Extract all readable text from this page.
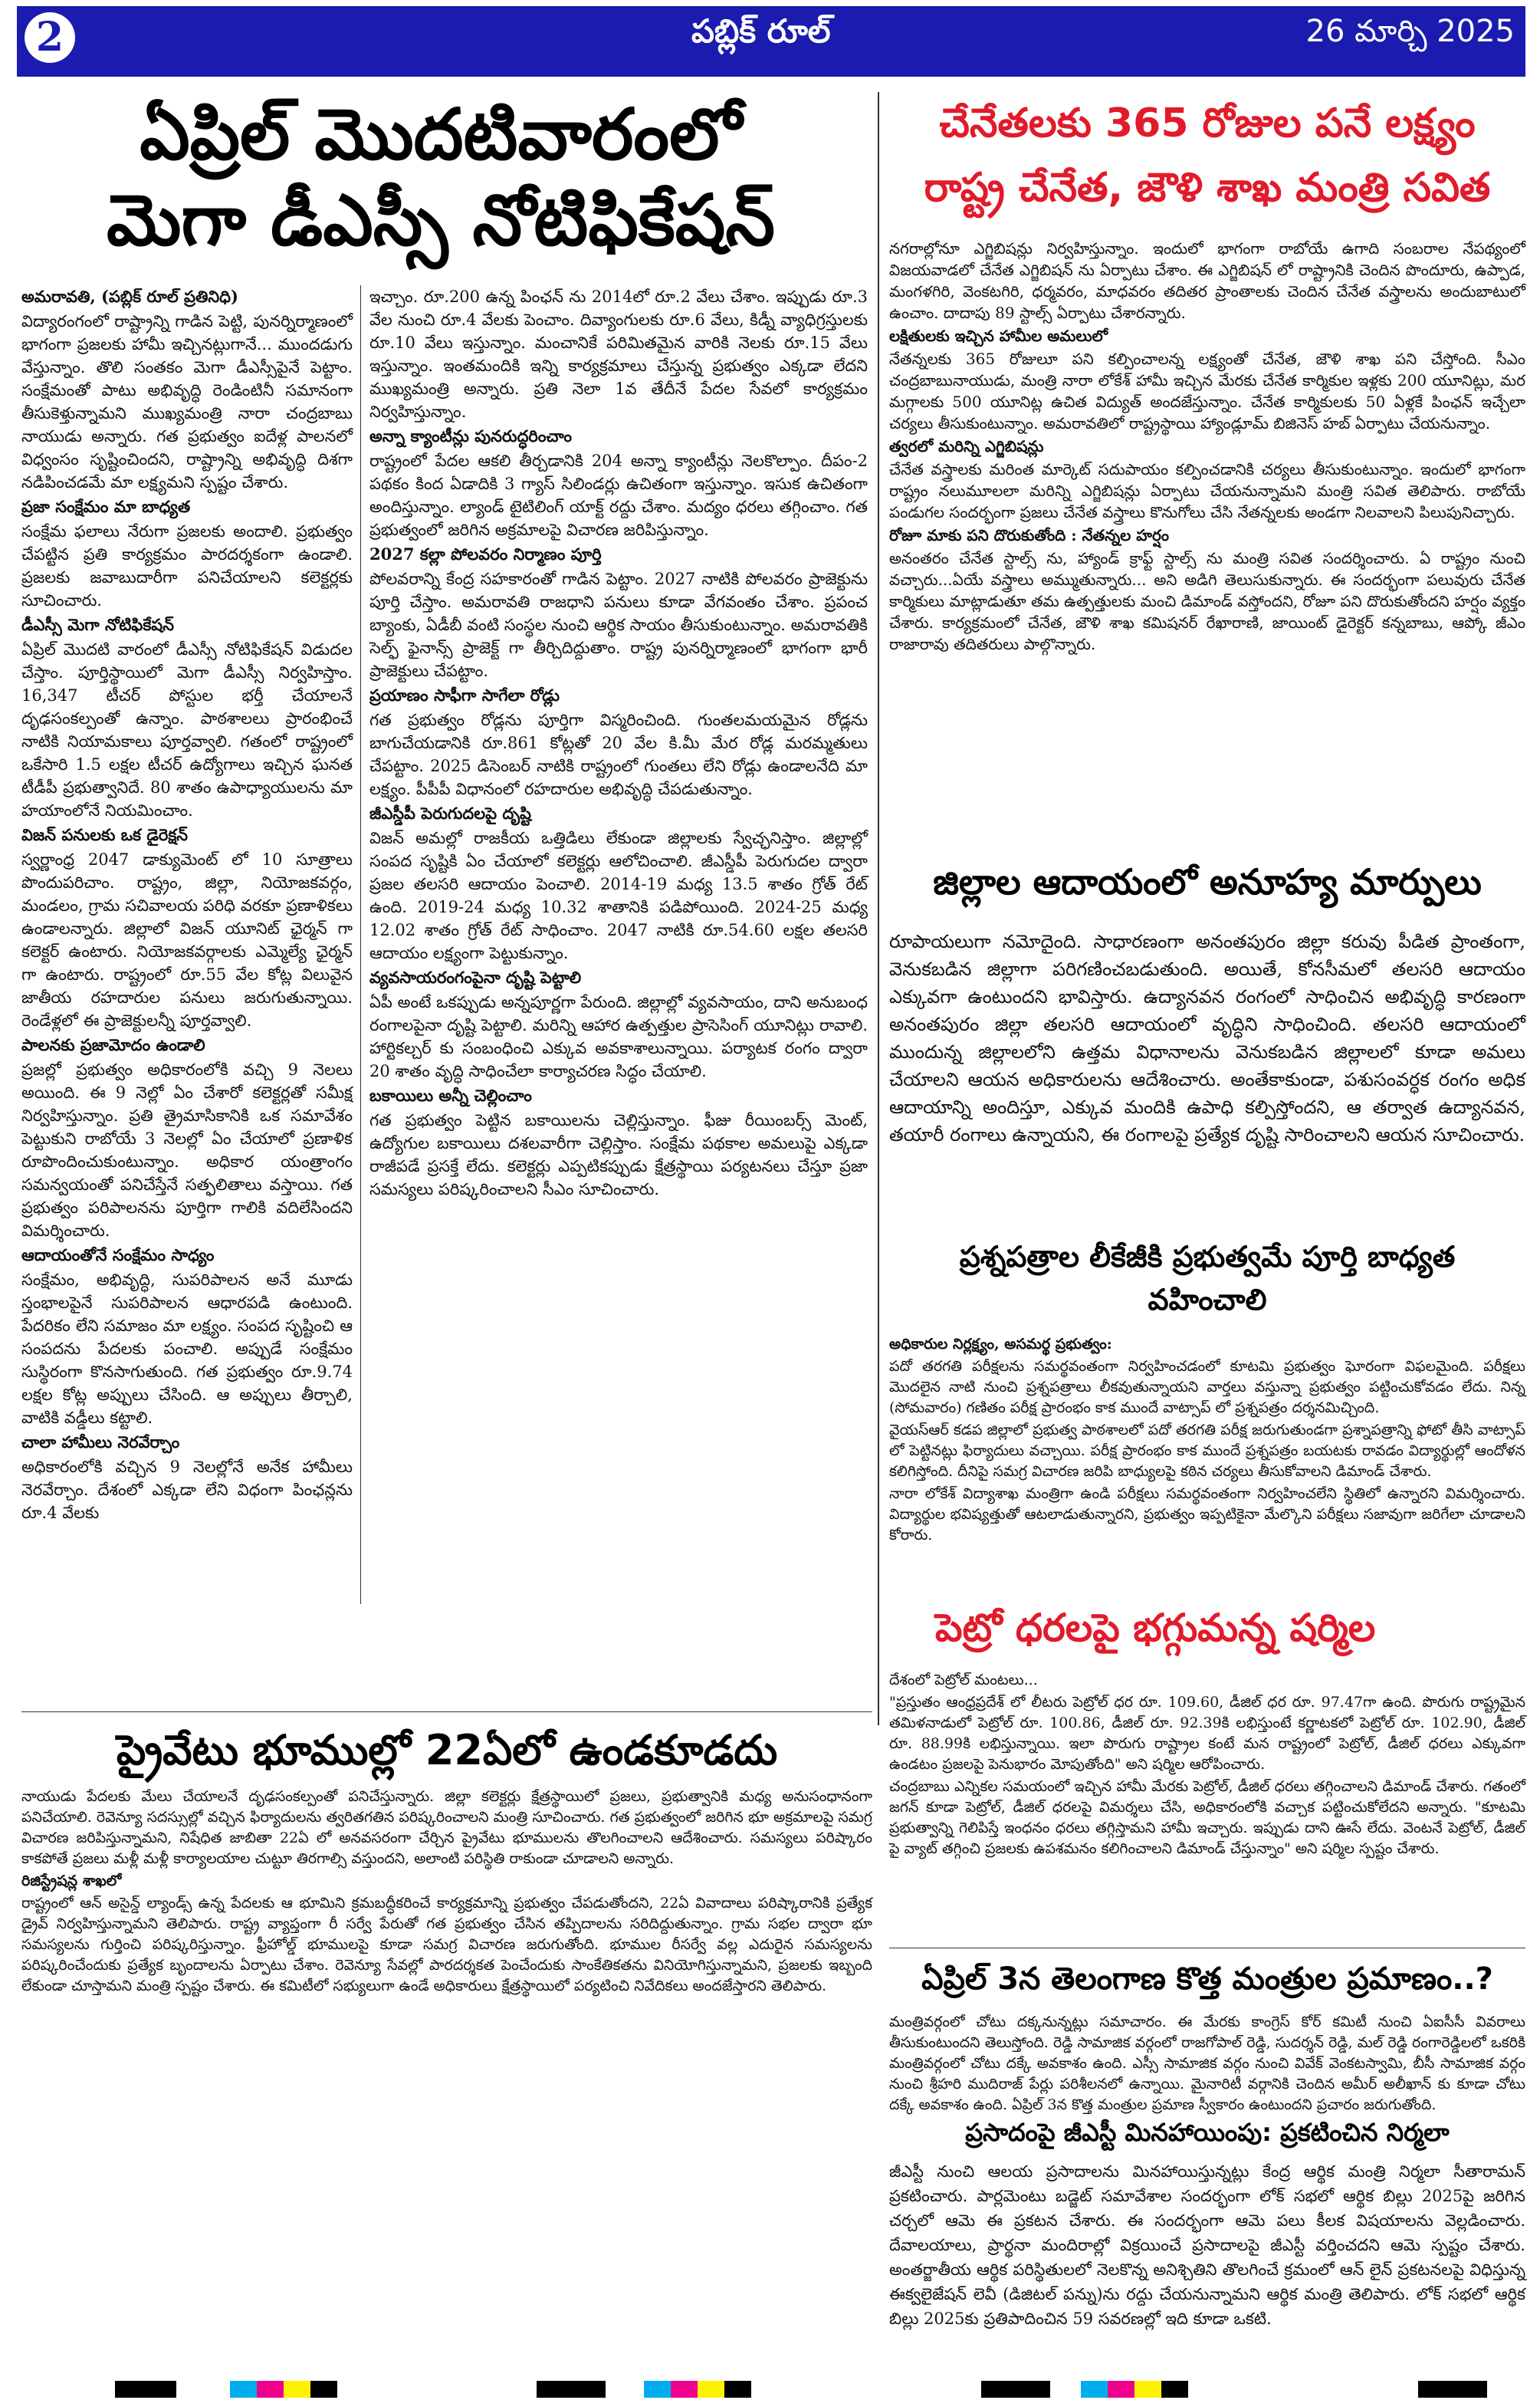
2	పబ్లిక్ రూల్	26 మార్చి 2025
ఏప్రిల్ మొదటివారంలో
మెగా డీఎస్సీ నోటిఫికేషన్

అమరావతి, (పబ్లిక్ రూల్ ప్రతినిధి)

విద్యారంగంలో రాష్ట్రాన్ని గాడిన పెట్టి, పునర్నిర్మాణంలో భాగంగా ప్రజలకు హామీ ఇచ్చినట్లుగానే... ముందడుగు వేస్తున్నాం. తొలి సంతకం మెగా డీఎస్సీపైనే పెట్టాం. సంక్షేమంతో పాటు అభివృద్ధి రెండింటినీ సమానంగా తీసుకెళ్తున్నామని ముఖ్యమంత్రి నారా చంద్రబాబు నాయుడు అన్నారు. గత ప్రభుత్వం ఐదేళ్ల పాలనలో విధ్వంసం సృష్టించిందని, రాష్ట్రాన్ని అభివృద్ధి దిశగా నడిపించడమే మా లక్ష్యమని స్పష్టం చేశారు.

ప్రజా సంక్షేమం మా బాధ్యత

సంక్షేమ ఫలాలు నేరుగా ప్రజలకు అందాలి. ప్రభుత్వం చేపట్టిన ప్రతి కార్యక్రమం పారదర్శకంగా ఉండాలి. ప్రజలకు జవాబుదారీగా పనిచేయాలని కలెక్టర్లకు సూచించారు.

డీఎస్సీ మెగా నోటిఫికేషన్

ఏప్రిల్ మొదటి వారంలో డీఎస్సీ నోటిఫికేషన్ విడుదల చేస్తాం. పూర్తిస్థాయిలో మెగా డీఎస్సీ నిర్వహిస్తాం. 16,347 టీచర్ పోస్టుల భర్తీ చేయాలనే దృఢసంకల్పంతో ఉన్నాం. పాఠశాలలు ప్రారంభించే నాటికి నియామకాలు పూర్తవ్వాలి. గతంలో రాష్ట్రంలో ఒకేసారి 1.5 లక్షల టీచర్ ఉద్యోగాలు ఇచ్చిన ఘనత టీడీపీ ప్రభుత్వానిదే. 80 శాతం ఉపాధ్యాయులను మా హయాంలోనే నియమించాం.

విజన్ పనులకు ఒక డైరెక్షన్

స్వర్ణాంధ్ర 2047 డాక్యుమెంట్ లో 10 సూత్రాలు పొందుపరిచాం. రాష్ట్రం, జిల్లా, నియోజకవర్గం, మండలం, గ్రామ సచివాలయ పరిధి వరకూ ప్రణాళికలు ఉండాలన్నారు. జిల్లాలో విజన్ యూనిట్ ఛైర్మన్ గా కలెక్టర్ ఉంటారు. నియోజకవర్గాలకు ఎమ్మెల్యే ఛైర్మన్ గా ఉంటారు. రాష్ట్రంలో రూ.55 వేల కోట్ల విలువైన జాతీయ రహదారుల పనులు జరుగుతున్నాయి. రెండేళ్లలో ఈ ప్రాజెక్టులన్నీ పూర్తవ్వాలి.

పాలనకు ప్రజామోదం ఉండాలి

ప్రజల్లో ప్రభుత్వం అధికారంలోకి వచ్చి 9 నెలలు అయింది. ఈ 9 నెల్లో ఏం చేశారో కలెక్టర్లతో సమీక్ష నిర్వహిస్తున్నాం. ప్రతి త్రైమాసికానికి ఒక సమావేశం పెట్టుకుని రాబోయే 3 నెలల్లో ఏం చేయాలో ప్రణాళిక రూపొందించుకుంటున్నాం. అధికార యంత్రాంగం సమన్వయంతో పనిచేస్తేనే సత్ఫలితాలు వస్తాయి. గత ప్రభుత్వం పరిపాలనను పూర్తిగా గాలికి వదిలేసిందని విమర్శించారు.

ఆదాయంతోనే సంక్షేమం సాధ్యం

సంక్షేమం, అభివృద్ధి, సుపరిపాలన అనే మూడు స్తంభాలపైనే సుపరిపాలన ఆధారపడి ఉంటుంది. పేదరికం లేని సమాజం మా లక్ష్యం. సంపద సృష్టించి ఆ సంపదను పేదలకు పంచాలి. అప్పుడే సంక్షేమం సుస్థిరంగా కొనసాగుతుంది. గత ప్రభుత్వం రూ.9.74 లక్షల కోట్ల అప్పులు చేసింది. ఆ అప్పులు తీర్చాలి, వాటికి వడ్డీలు కట్టాలి.

చాలా హామీలు నెరవేర్చాం

అధికారంలోకి వచ్చిన 9 నెలల్లోనే అనేక హామీలు నెరవేర్చాం. దేశంలో ఎక్కడా లేని విధంగా పింఛన్లను రూ.4 వేలకు

ఇచ్చాం. రూ.200 ఉన్న పింఛన్ ను 2014లో రూ.2 వేలు చేశాం. ఇప్పుడు రూ.3 వేల నుంచి రూ.4 వేలకు పెంచాం. దివ్యాంగులకు రూ.6 వేలు, కిడ్నీ వ్యాధిగ్రస్తులకు రూ.10 వేలు ఇస్తున్నాం. మంచానికే పరిమితమైన వారికి నెలకు రూ.15 వేలు ఇస్తున్నాం. ఇంతమందికి ఇన్ని కార్యక్రమాలు చేస్తున్న ప్రభుత్వం ఎక్కడా లేదని ముఖ్యమంత్రి అన్నారు. ప్రతి నెలా 1వ తేదీనే పేదల సేవలో కార్యక్రమం నిర్వహిస్తున్నాం.

అన్నా క్యాంటీన్లు పునరుద్ధరించాం

రాష్ట్రంలో పేదల ఆకలి తీర్చడానికి 204 అన్నా క్యాంటీన్లు నెలకొల్పాం. దీపం-2 పథకం కింద ఏడాదికి 3 గ్యాస్ సిలిండర్లు ఉచితంగా ఇస్తున్నాం. ఇసుక ఉచితంగా అందిస్తున్నాం. ల్యాండ్ టైటిలింగ్ యాక్ట్ రద్దు చేశాం. మద్యం ధరలు తగ్గించాం. గత ప్రభుత్వంలో జరిగిన అక్రమాలపై విచారణ జరిపిస్తున్నాం.

2027 కల్లా పోలవరం నిర్మాణం పూర్తి

పోలవరాన్ని కేంద్ర సహకారంతో గాడిన పెట్టాం. 2027 నాటికి పోలవరం ప్రాజెక్టును పూర్తి చేస్తాం. అమరావతి రాజధాని పనులు కూడా వేగవంతం చేశాం. ప్రపంచ బ్యాంకు, ఏడీబీ వంటి సంస్థల నుంచి ఆర్థిక సాయం తీసుకుంటున్నాం. అమరావతికి సెల్ఫ్ ఫైనాన్స్ ప్రాజెక్ట్ గా తీర్చిదిద్దుతాం. రాష్ట్ర పునర్నిర్మాణంలో భాగంగా భారీ ప్రాజెక్టులు చేపట్టాం.

ప్రయాణం సాఫీగా సాగేలా రోడ్లు

గత ప్రభుత్వం రోడ్లను పూర్తిగా విస్మరించింది. గుంతలమయమైన రోడ్లను బాగుచేయడానికి రూ.861 కోట్లతో 20 వేల కి.మీ మేర రోడ్ల మరమ్మతులు చేపట్టాం. 2025 డిసెంబర్ నాటికి రాష్ట్రంలో గుంతలు లేని రోడ్లు ఉండాలనేది మా లక్ష్యం. పీపీపీ విధానంలో రహదారుల అభివృద్ధి చేపడుతున్నాం.

జీఎస్డీపీ పెరుగుదలపై దృష్టి

విజన్ అమల్లో రాజకీయ ఒత్తిడిలు లేకుండా జిల్లాలకు స్వేచ్ఛనిస్తాం. జిల్లాల్లో సంపద సృష్టికి ఏం చేయాలో కలెక్టర్లు ఆలోచించాలి. జీఎస్డీపీ పెరుగుదల ద్వారా ప్రజల తలసరి ఆదాయం పెంచాలి. 2014-19 మధ్య 13.5 శాతం గ్రోత్ రేట్ ఉంది. 2019-24 మధ్య 10.32 శాతానికి పడిపోయింది. 2024-25 మధ్య 12.02 శాతం గ్రోత్ రేట్ సాధించాం. 2047 నాటికి రూ.54.60 లక్షల తలసరి ఆదాయం లక్ష్యంగా పెట్టుకున్నాం.

వ్యవసాయరంగంపైనా దృష్టి పెట్టాలి

ఏపీ అంటే ఒకప్పుడు అన్నపూర్ణగా పేరుంది. జిల్లాల్లో వ్యవసాయం, దాని అనుబంధ రంగాలపైనా దృష్టి పెట్టాలి. మరిన్ని ఆహార ఉత్పత్తుల ప్రాసెసింగ్ యూనిట్లు రావాలి. హార్టికల్చర్ కు సంబంధించి ఎక్కువ అవకాశాలున్నాయి. పర్యాటక రంగం ద్వారా 20 శాతం వృద్ధి సాధించేలా కార్యాచరణ సిద్ధం చేయాలి.

బకాయిలు అన్నీ చెల్లించాం

గత ప్రభుత్వం పెట్టిన బకాయిలను చెల్లిస్తున్నాం. ఫీజు రీయింబర్స్ మెంట్, ఉద్యోగుల బకాయిలు దశలవారీగా చెల్లిస్తాం. సంక్షేమ పథకాల అమలుపై ఎక్కడా రాజీపడే ప్రసక్తే లేదు. కలెక్టర్లు ఎప్పటికప్పుడు క్షేత్రస్థాయి పర్యటనలు చేస్తూ ప్రజా సమస్యలు పరిష్కరించాలని సీఎం సూచించారు.

చేనేతలకు 365 రోజుల పనే లక్ష్యం
రాష్ట్ర చేనేత, జౌళి శాఖ మంత్రి సవిత

నగరాల్లోనూ ఎగ్జిబిషన్లు నిర్వహిస్తున్నాం. ఇందులో భాగంగా రాబోయే ఉగాది సంబరాల నేపథ్యంలో విజయవాడలో చేనేత ఎగ్జిబిషన్ ను ఏర్పాటు చేశాం. ఈ ఎగ్జిబిషన్ లో రాష్ట్రానికి చెందిన పొందూరు, ఉప్పాడ, మంగళగిరి, వెంకటగిరి, ధర్మవరం, మాధవరం తదితర ప్రాంతాలకు చెందిన చేనేత వస్త్రాలను అందుబాటులో ఉంచాం. దాదాపు 89 స్టాల్స్ ఏర్పాటు చేశారన్నారు.

లక్షితులకు ఇచ్చిన హామీల అమలులో

నేతన్నలకు 365 రోజులూ పని కల్పించాలన్న లక్ష్యంతో చేనేత, జౌళి శాఖ పని చేస్తోంది. సీఎం చంద్రబాబునాయుడు, మంత్రి నారా లోకేశ్ హామీ ఇచ్చిన మేరకు చేనేత కార్మికుల ఇళ్లకు 200 యూనిట్లు, మర మగ్గాలకు 500 యూనిట్ల ఉచిత విద్యుత్ అందజేస్తున్నాం. చేనేత కార్మికులకు 50 ఏళ్లకే పింఛన్ ఇచ్చేలా చర్యలు తీసుకుంటున్నాం. అమరావతిలో రాష్ట్రస్థాయి హ్యాండ్లూమ్ బిజినెస్ హబ్ ఏర్పాటు చేయనున్నాం.

త్వరలో మరిన్ని ఎగ్జిబిషన్లు

చేనేత వస్త్రాలకు మరింత మార్కెట్ సదుపాయం కల్పించడానికి చర్యలు తీసుకుంటున్నాం. ఇందులో భాగంగా రాష్ట్రం నలుమూలలా మరిన్ని ఎగ్జిబిషన్లు ఏర్పాటు చేయనున్నామని మంత్రి సవిత తెలిపారు. రాబోయే పండుగల సందర్భంగా ప్రజలు చేనేత వస్త్రాలు కొనుగోలు చేసి నేతన్నలకు అండగా నిలవాలని పిలుపునిచ్చారు.

రోజూ మాకు పని దొరుకుతోంది : నేతన్నల హర్షం

అనంతరం చేనేత స్టాల్స్ ను, హ్యాండ్ క్రాఫ్ట్ స్టాల్స్ ను మంత్రి సవిత సందర్శించారు. ఏ రాష్ట్రం నుంచి వచ్చారు...ఏయే వస్త్రాలు అమ్ముతున్నారు... అని అడిగి తెలుసుకున్నారు. ఈ సందర్భంగా పలువురు చేనేత కార్మికులు మాట్లాడుతూ తమ ఉత్పత్తులకు మంచి డిమాండ్ వస్తోందని, రోజూ పని దొరుకుతోందని హర్షం వ్యక్తం చేశారు. కార్యక్రమంలో చేనేత, జౌళి శాఖ కమిషనర్ రేఖారాణి, జాయింట్ డైరెక్టర్ కన్నబాబు, ఆప్కో జీఎం రాజారావు తదితరులు పాల్గొన్నారు.

జిల్లాల ఆదాయంలో అనూహ్య మార్పులు
రూపాయలుగా నమోదైంది. సాధారణంగా అనంతపురం జిల్లా కరువు పీడిత ప్రాంతంగా, వెనుకబడిన జిల్లాగా పరిగణించబడుతుంది. అయితే, కోనసీమలో తలసరి ఆదాయం ఎక్కువగా ఉంటుందని భావిస్తారు. ఉద్యానవన రంగంలో సాధించిన అభివృద్ధి కారణంగా అనంతపురం జిల్లా తలసరి ఆదాయంలో వృద్ధిని సాధించింది. తలసరి ఆదాయంలో ముందున్న జిల్లాలలోని ఉత్తమ విధానాలను వెనుకబడిన జిల్లాలలో కూడా అమలు చేయాలని ఆయన అధికారులను ఆదేశించారు. అంతేకాకుండా, పశుసంవర్ధక రంగం అధిక ఆదాయాన్ని అందిస్తూ, ఎక్కువ మందికి ఉపాధి కల్పిస్తోందని, ఆ తర్వాత ఉద్యానవన, తయారీ రంగాలు ఉన్నాయని, ఈ రంగాలపై ప్రత్యేక దృష్టి సారించాలని ఆయన సూచించారు.
ప్రశ్నపత్రాల లీకేజీకి ప్రభుత్వమే పూర్తి బాధ్యత
వహించాలి

అధికారుల నిర్లక్ష్యం, అసమర్థ ప్రభుత్వం:

పదో తరగతి పరీక్షలను సమర్థవంతంగా నిర్వహించడంలో కూటమి ప్రభుత్వం ఘోరంగా విఫలమైంది. పరీక్షలు మొదలైన నాటి నుంచి ప్రశ్నపత్రాలు లీకవుతున్నాయని వార్తలు వస్తున్నా ప్రభుత్వం పట్టించుకోవడం లేదు. నిన్న (సోమవారం) గణితం పరీక్ష ప్రారంభం కాక ముందే వాట్సాప్ లో ప్రశ్నపత్రం దర్శనమిచ్చింది.

వైయస్ఆర్ కడప జిల్లాలో ప్రభుత్వ పాఠశాలలో పదో తరగతి పరీక్ష జరుగుతుండగా ప్రశ్నాపత్రాన్ని ఫోటో తీసి వాట్సాప్ లో పెట్టినట్లు ఫిర్యాదులు వచ్చాయి. పరీక్ష ప్రారంభం కాక ముందే ప్రశ్నపత్రం బయటకు రావడం విద్యార్థుల్లో ఆందోళన కలిగిస్తోంది. దీనిపై సమగ్ర విచారణ జరిపి బాధ్యులపై కఠిన చర్యలు తీసుకోవాలని డిమాండ్ చేశారు.

నారా లోకేశ్ విద్యాశాఖ మంత్రిగా ఉండి పరీక్షలు సమర్థవంతంగా నిర్వహించలేని స్థితిలో ఉన్నారని విమర్శించారు. విద్యార్థుల భవిష్యత్తుతో ఆటలాడుతున్నారని, ప్రభుత్వం ఇప్పటికైనా మేల్కొని పరీక్షలు సజావుగా జరిగేలా చూడాలని కోరారు.

పెట్రో ధరలపై భగ్గుమన్న షర్మిల

దేశంలో పెట్రోల్ మంటలు...

"ప్రస్తుతం ఆంధ్రప్రదేశ్ లో లీటరు పెట్రోల్ ధర రూ. 109.60, డీజిల్ ధర రూ. 97.47గా ఉంది. పొరుగు రాష్ట్రమైన తమిళనాడులో పెట్రోల్ రూ. 100.86, డీజిల్ రూ. 92.39కి లభిస్తుంటే కర్ణాటకలో పెట్రోల్ రూ. 102.90, డీజిల్ రూ. 88.99కి లభిస్తున్నాయి. ఇలా పొరుగు రాష్ట్రాల కంటే మన రాష్ట్రంలో పెట్రోల్, డీజిల్ ధరలు ఎక్కువగా ఉండటం ప్రజలపై పెనుభారం మోపుతోంది" అని షర్మిల ఆరోపించారు.

చంద్రబాబు ఎన్నికల సమయంలో ఇచ్చిన హామీ మేరకు పెట్రోల్, డీజిల్ ధరలు తగ్గించాలని డిమాండ్ చేశారు. గతంలో జగన్ కూడా పెట్రోల్, డీజిల్ ధరలపై విమర్శలు చేసి, అధికారంలోకి వచ్చాక పట్టించుకోలేదని అన్నారు. "కూటమి ప్రభుత్వాన్ని గెలిపిస్తే ఇంధనం ధరలు తగ్గిస్తామని హామీ ఇచ్చారు. ఇప్పుడు దాని ఊసే లేదు. వెంటనే పెట్రోల్, డీజిల్ పై వ్యాట్ తగ్గించి ప్రజలకు ఉపశమనం కలిగించాలని డిమాండ్ చేస్తున్నాం" అని షర్మిల స్పష్టం చేశారు.

ప్రైవేటు భూముల్లో 22ఏలో ఉండకూడదు

నాయుడు పేదలకు మేలు చేయాలనే దృఢసంకల్పంతో పనిచేస్తున్నారు. జిల్లా కలెక్టర్లు క్షేత్రస్థాయిలో ప్రజలు, ప్రభుత్వానికి మధ్య అనుసంధానంగా పనిచేయాలి. రెవెన్యూ సదస్సుల్లో వచ్చిన ఫిర్యాదులను త్వరితగతిన పరిష్కరించాలని మంత్రి సూచించారు. గత ప్రభుత్వంలో జరిగిన భూ అక్రమాలపై సమగ్ర విచారణ జరిపిస్తున్నామని, నిషేధిత జాబితా 22ఏ లో అనవసరంగా చేర్చిన ప్రైవేటు భూములను తొలగించాలని ఆదేశించారు. సమస్యలు పరిష్కారం కాకపోతే ప్రజలు మళ్లీ మళ్లీ కార్యాలయాల చుట్టూ తిరగాల్సి వస్తుందని, అలాంటి పరిస్థితి రాకుండా చూడాలని అన్నారు.

రిజిస్ట్రేషన్ల శాఖలో

రాష్ట్రంలో ఆన్ అసైన్డ్ ల్యాండ్స్ ఉన్న పేదలకు ఆ భూమిని క్రమబద్ధీకరించే కార్యక్రమాన్ని ప్రభుత్వం చేపడుతోందని, 22ఏ వివాదాలు పరిష్కారానికి ప్రత్యేక డ్రైవ్ నిర్వహిస్తున్నామని తెలిపారు. రాష్ట్ర వ్యాప్తంగా రీ సర్వే పేరుతో గత ప్రభుత్వం చేసిన తప్పిదాలను సరిదిద్దుతున్నాం. గ్రామ సభల ద్వారా భూ సమస్యలను గుర్తించి పరిష్కరిస్తున్నాం. ఫ్రీహోల్డ్ భూములపై కూడా సమగ్ర విచారణ జరుగుతోంది. భూముల రీసర్వే వల్ల ఎదురైన సమస్యలను పరిష్కరించేందుకు ప్రత్యేక బృందాలను ఏర్పాటు చేశాం. రెవెన్యూ సేవల్లో పారదర్శకత పెంచేందుకు సాంకేతికతను వినియోగిస్తున్నామని, ప్రజలకు ఇబ్బంది లేకుండా చూస్తామని మంత్రి స్పష్టం చేశారు. ఈ కమిటీలో సభ్యులుగా ఉండే అధికారులు క్షేత్రస్థాయిలో పర్యటించి నివేదికలు అందజేస్తారని తెలిపారు.	ఏప్రిల్ 3న తెలంగాణ కొత్త మంత్రుల ప్రమాణం..?
మంత్రివర్గంలో చోటు దక్కనున్నట్లు సమాచారం. ఈ మేరకు కాంగ్రెస్ కోర్ కమిటీ నుంచి ఏఐసీసీ వివరాలు తీసుకుంటుందని తెలుస్తోంది. రెడ్డి సామాజిక వర్గంలో రాజగోపాల్ రెడ్డి, సుదర్శన్ రెడ్డి, మల్ రెడ్డి రంగారెడ్డిలలో ఒకరికి మంత్రివర్గంలో చోటు దక్కే అవకాశం ఉంది. ఎస్సీ సామాజిక వర్గం నుంచి వివేక్ వెంకటస్వామి, బీసీ సామాజిక వర్గం నుంచి శ్రీహరి ముదిరాజ్ పేర్లు పరిశీలనలో ఉన్నాయి. మైనారిటీ వర్గానికి చెందిన అమీర్ అలీఖాన్ కు కూడా చోటు దక్కే అవకాశం ఉంది. ఏప్రిల్ 3న కొత్త మంత్రుల ప్రమాణ స్వీకారం ఉంటుందని ప్రచారం జరుగుతోంది.
ప్రసాదంపై జీఎస్టీ మినహాయింపు: ప్రకటించిన నిర్మలా
జీఎస్టీ నుంచి ఆలయ ప్రసాదాలను మినహాయిస్తున్నట్లు కేంద్ర ఆర్థిక మంత్రి నిర్మలా సీతారామన్ ప్రకటించారు. పార్లమెంటు బడ్జెట్ సమావేశాల సందర్భంగా లోక్ సభలో ఆర్థిక బిల్లు 2025పై జరిగిన చర్చలో ఆమె ఈ ప్రకటన చేశారు. ఈ సందర్భంగా ఆమె పలు కీలక విషయాలను వెల్లడించారు. దేవాలయాలు, ప్రార్థనా మందిరాల్లో విక్రయించే ప్రసాదాలపై జీఎస్టీ వర్తించదని ఆమె స్పష్టం చేశారు. అంతర్జాతీయ ఆర్థిక పరిస్థితులలో నెలకొన్న అనిశ్చితిని తొలగించే క్రమంలో ఆన్ లైన్ ప్రకటనలపై విధిస్తున్న ఈక్వలైజేషన్ లెవీ (డిజిటల్ పన్ను)ను రద్దు చేయనున్నామని ఆర్థిక మంత్రి తెలిపారు. లోక్ సభలో ఆర్థిక బిల్లు 2025కు ప్రతిపాదించిన 59 సవరణల్లో ఇది కూడా ఒకటి.
